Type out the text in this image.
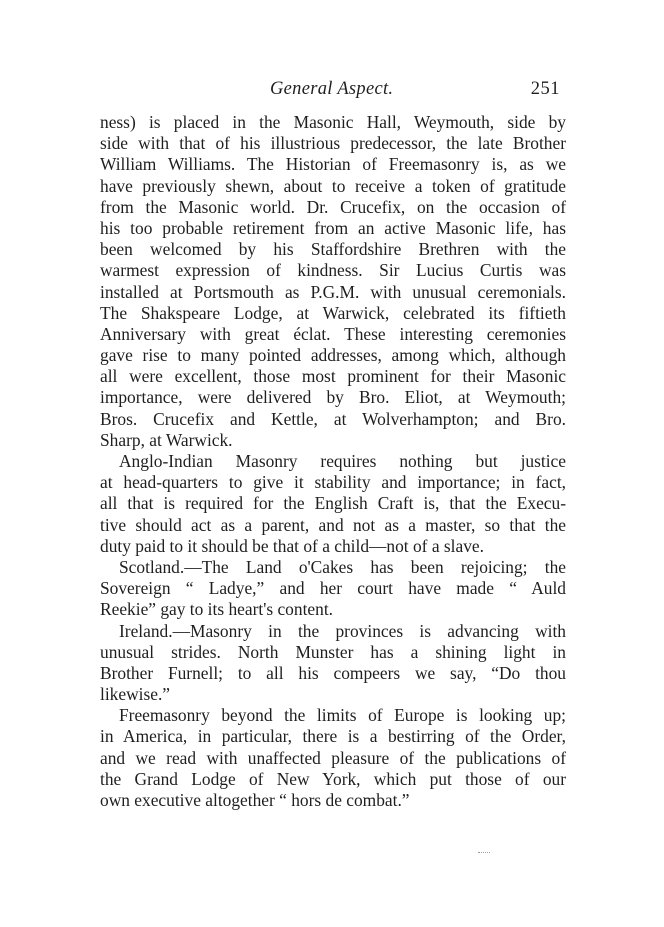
General Aspect.	251
ness) is placed in the Masonic Hall, Weymouth, side by
side with that of his illustrious predecessor, the late Brother
William Williams. The Historian of Freemasonry is, as we
have previously shewn, about to receive a token of gratitude
from the Masonic world. Dr. Crucefix, on the occasion of
his too probable retirement from an active Masonic life, has
been welcomed by his Staffordshire Brethren with the
warmest expression of kindness. Sir Lucius Curtis was
installed at Portsmouth as P.G.M. with unusual ceremonials.
The Shakspeare Lodge, at Warwick, celebrated its fiftieth
Anniversary with great éclat. These interesting ceremonies
gave rise to many pointed addresses, among which, although
all were excellent, those most prominent for their Masonic
importance, were delivered by Bro. Eliot, at Weymouth;
Bros. Crucefix and Kettle, at Wolverhampton; and Bro.
Sharp, at Warwick.
Anglo-Indian Masonry requires nothing but justice
at head-quarters to give it stability and importance; in fact,
all that is required for the English Craft is, that the Execu-
tive should act as a parent, and not as a master, so that the
duty paid to it should be that of a child—not of a slave.
Scotland.—The Land o'Cakes has been rejoicing; the
Sovereign “ Ladye,” and her court have made “ Auld
Reekie” gay to its heart's content.
Ireland.—Masonry in the provinces is advancing with
unusual strides. North Munster has a shining light in
Brother Furnell; to all his compeers we say, “Do thou
likewise.”
Freemasonry beyond the limits of Europe is looking up;
in America, in particular, there is a bestirring of the Order,
and we read with unaffected pleasure of the publications of
the Grand Lodge of New York, which put those of our
own executive altogether “ hors de combat.”
